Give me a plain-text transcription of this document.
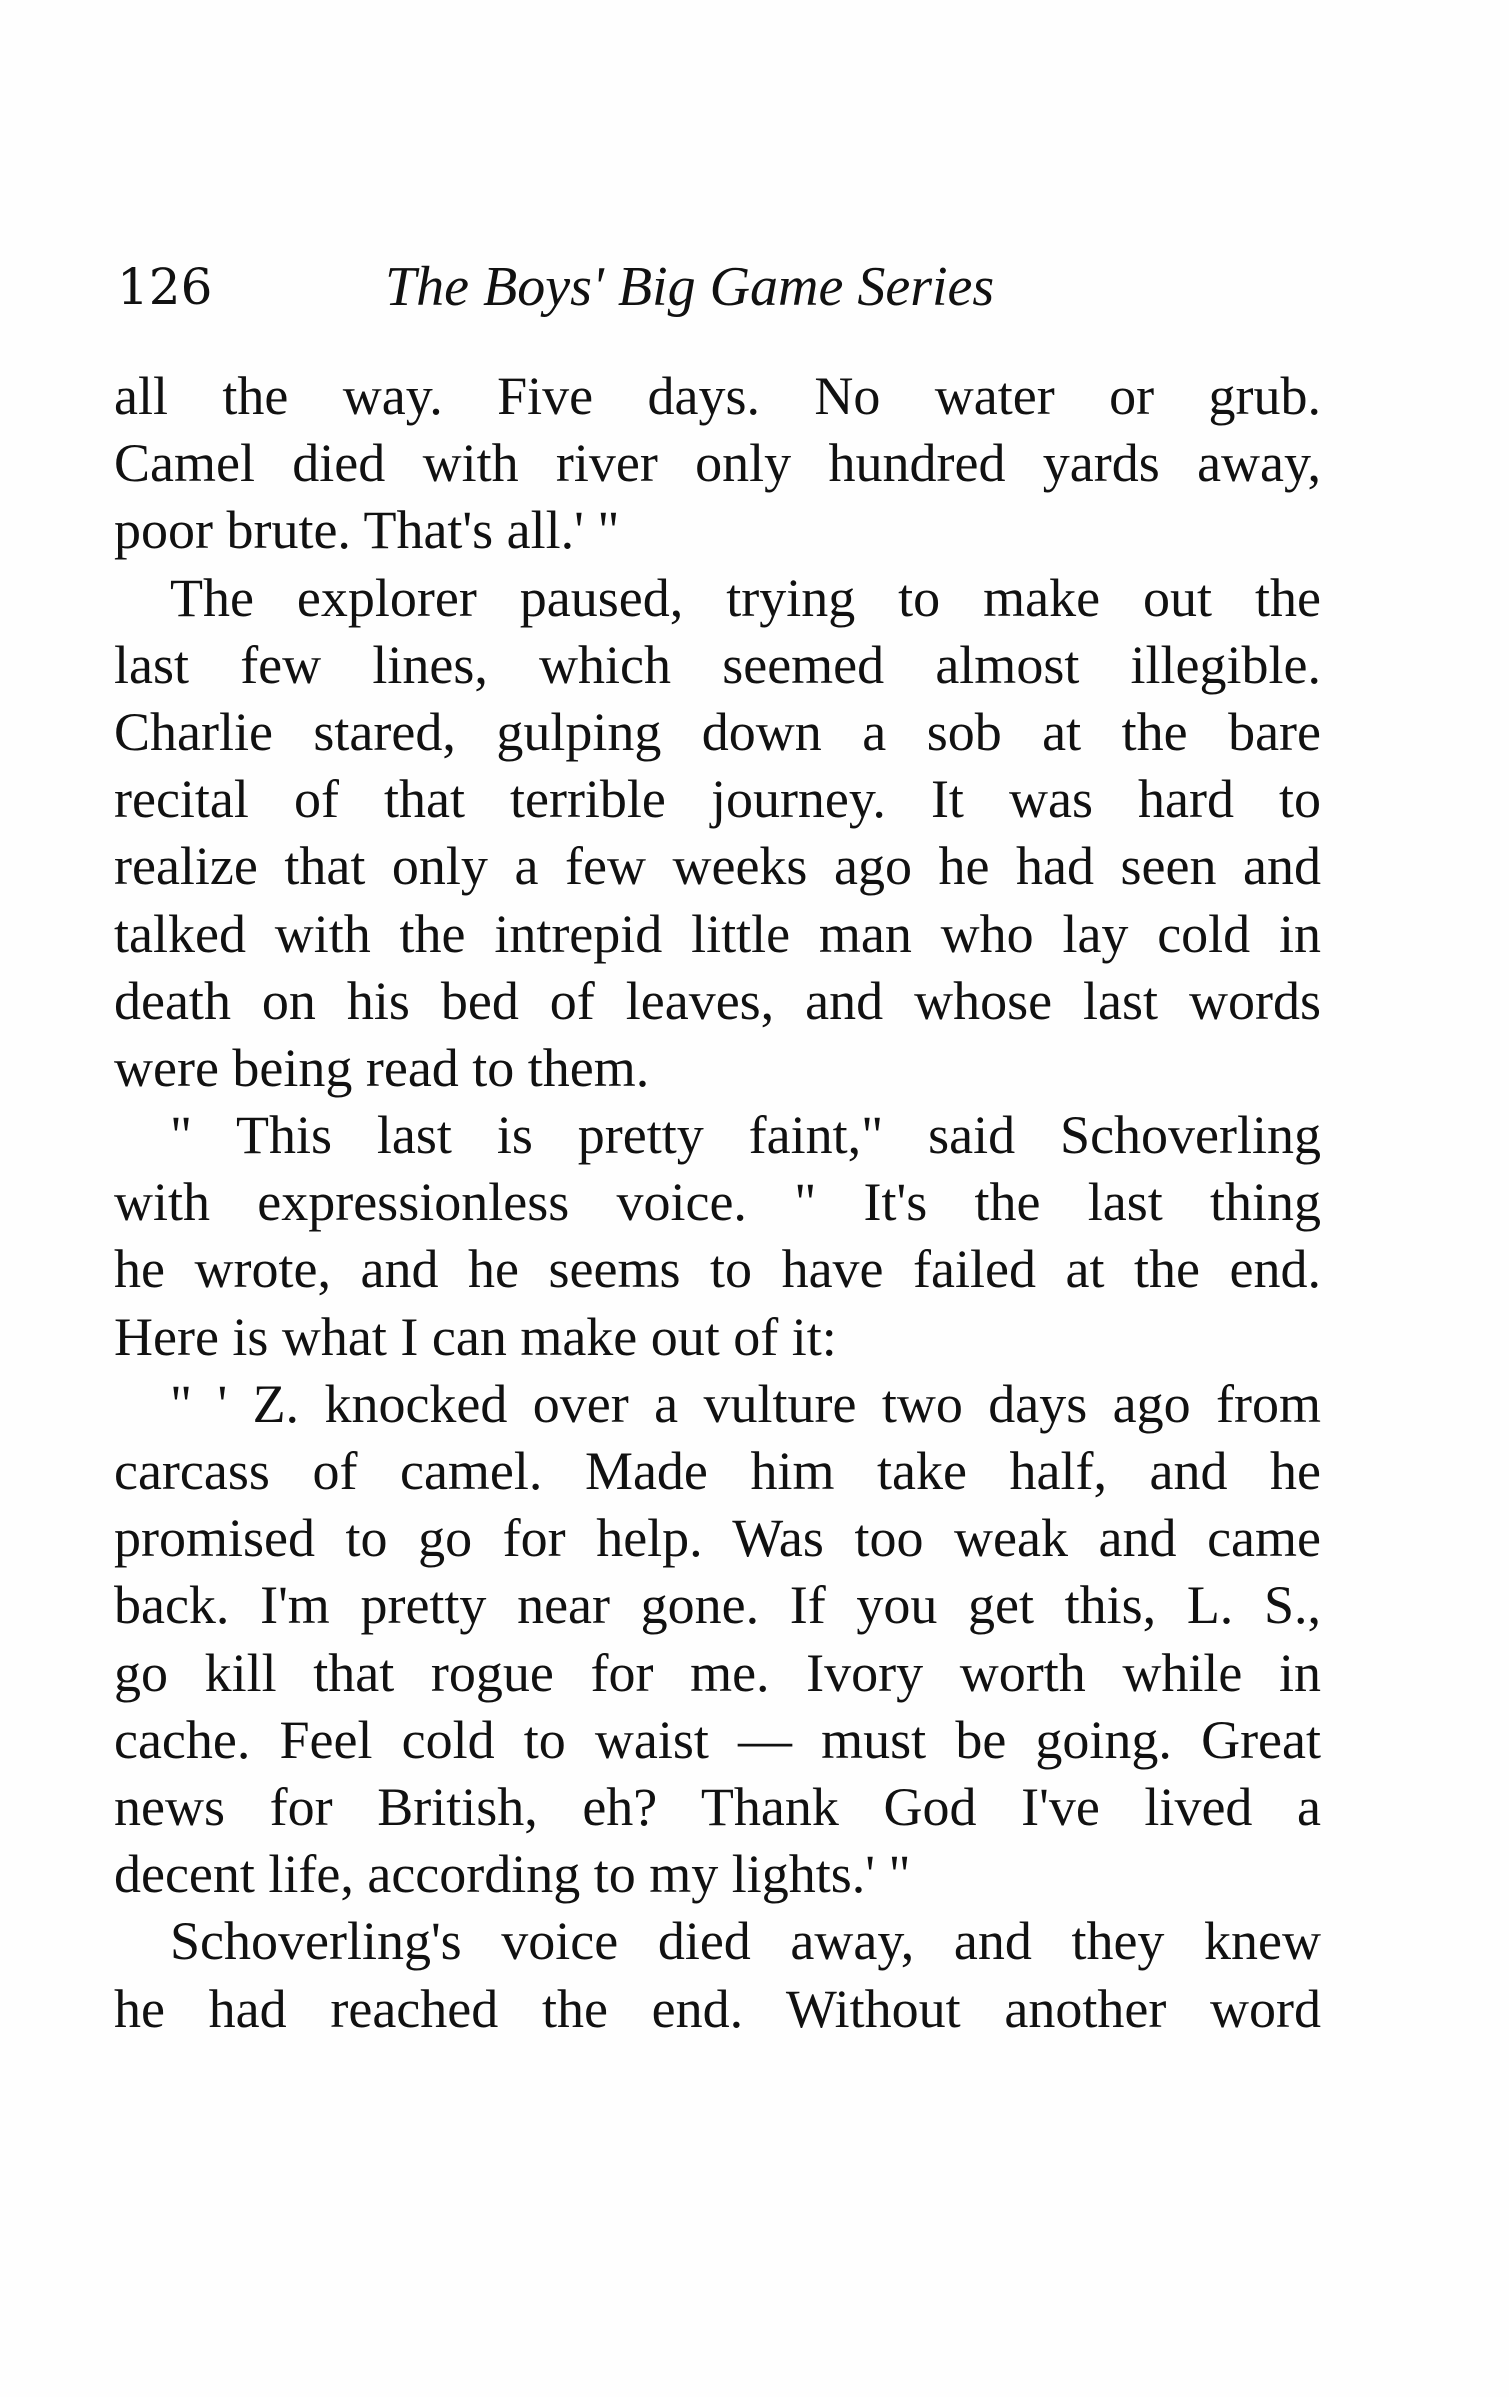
126	The Boys' Big Game Series
all the way. Five days. No water or grub.
Camel died with river only hundred yards away,
poor brute. That's all.' "
The explorer paused, trying to make out the
last few lines, which seemed almost illegible.
Charlie stared, gulping down a sob at the bare
recital of that terrible journey. It was hard to
realize that only a few weeks ago he had seen and
talked with the intrepid little man who lay cold in
death on his bed of leaves, and whose last words
were being read to them.
" This last is pretty faint," said Schoverling
with expressionless voice. " It's the last thing
he wrote, and he seems to have failed at the end.
Here is what I can make out of it:
" ' Z. knocked over a vulture two days ago from
carcass of camel. Made him take half, and he
promised to go for help. Was too weak and came
back. I'm pretty near gone. If you get this, L. S.,
go kill that rogue for me. Ivory worth while in
cache. Feel cold to waist — must be going. Great
news for British, eh? Thank God I've lived a
decent life, according to my lights.' "
Schoverling's voice died away, and they knew
he had reached the end. Without another word
